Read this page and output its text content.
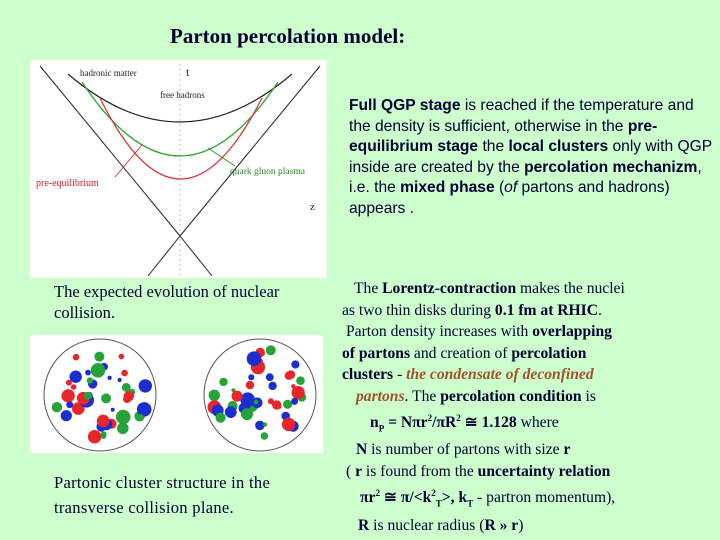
Parton percolation model:
hadronic matter	t
free hadrons
pre-equilibrium
quark gluon plasma
z
Full QGP stage is reached if the temperature and the density is sufficient, otherwise in the pre-equilibrium stage the local clusters only with QGP inside are created by the percolation mechanizm, i.e. the mixed phase (of partons and hadrons) appears .
The expected evolution of nuclear collision.
Partonic cluster structure in the transverse collision plane.
The Lorentz-contraction makes the nuclei
as two thin disks during 0.1 fm at RHIC.
Parton density increases with overlapping
of partons and creation of percolation
clusters - the condensate of deconfined
partons. The percolation condition is
$n_P = N\pi r^2/\pi R^2$ ≅ 1.128 where
N is number of partons with size r
( r is found from the uncertainty relation
$\pi r^2$ ≅ $\pi/<k^2_T>$, $k_T$ - partron momentum),
R is nuclear radius (R » r)
